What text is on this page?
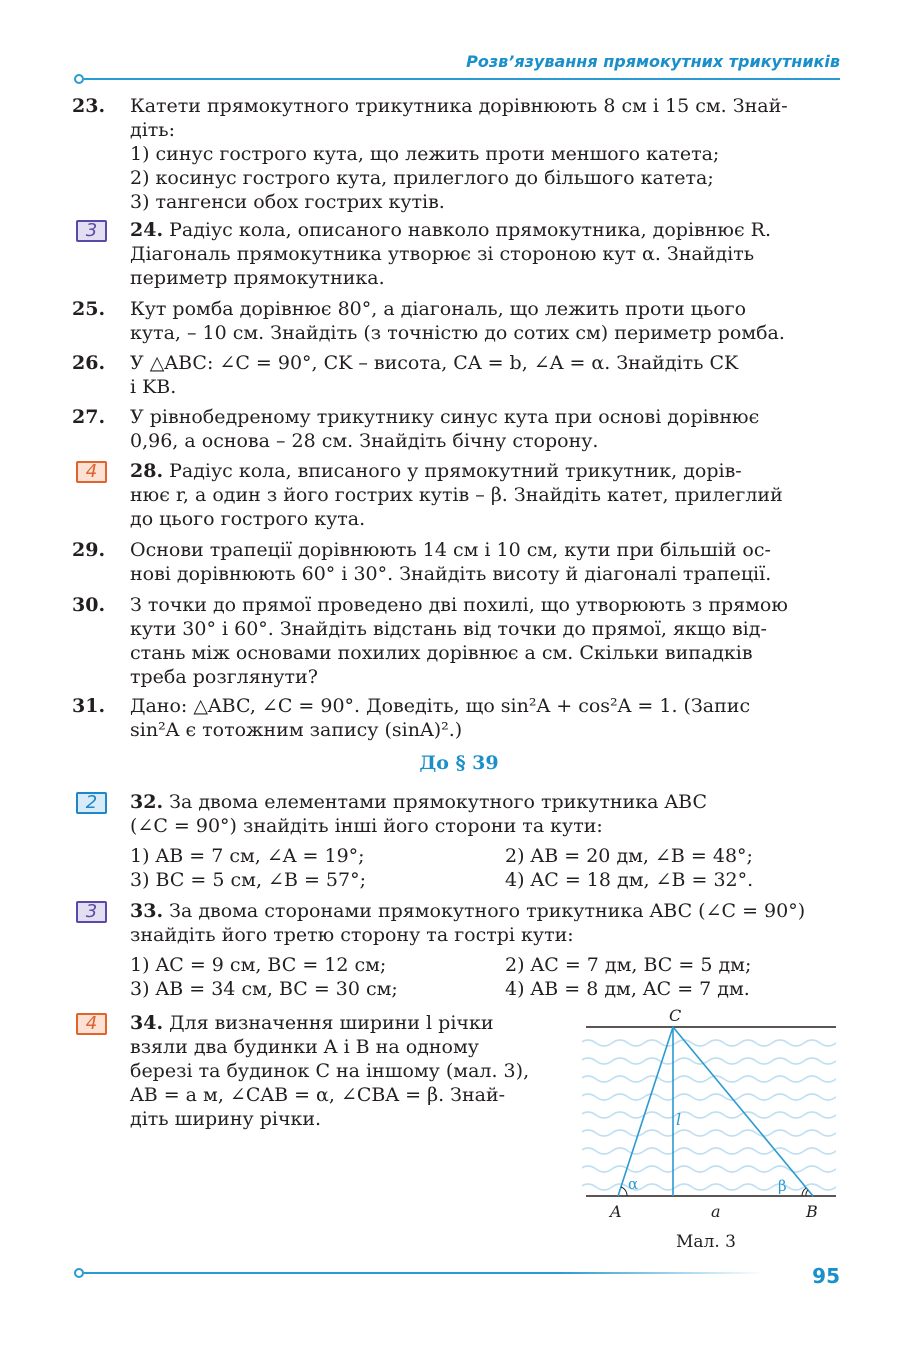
Розв’язування прямокутних трикутників
23. Катети прямокутного трикутника дорівнюють 8 см і 15 см. Знай-
діть:
1) синус гострого кута, що лежить проти меншого катета;
2) косинус гострого кута, прилеглого до більшого катета;
3) тангенси обох гострих кутів.
3	24. Радіус кола, описаного навколо прямокутника, дорівнює R.
Діагональ прямокутника утворює зі стороною кут α. Знайдіть
периметр прямокутника.
25. Кут ромба дорівнює 80°, а діагональ, що лежить проти цього
кута, – 10 см. Знайдіть (з точністю до сотих см) периметр ромба.
26. У △ABC: ∠C = 90°, CK – висота, CA = b, ∠A = α. Знайдіть CK
і KB.
27. У рівнобедреному трикутнику синус кута при основі дорівнює
0,96, а основа – 28 см. Знайдіть бічну сторону.
4	28. Радіус кола, вписаного у прямокутний трикутник, дорів-
нює r, а один з його гострих кутів – β. Знайдіть катет, прилеглий
до цього гострого кута.
29. Основи трапеції дорівнюють 14 см і 10 см, кути при більшій ос-
нові дорівнюють 60° і 30°. Знайдіть висоту й діагоналі трапеції.
30. З точки до прямої проведено дві похилі, що утворюють з прямою
кути 30° і 60°. Знайдіть відстань від точки до прямої, якщо від-
стань між основами похилих дорівнює a см. Скільки випадків
треба розглянути?
31. Дано: △ABC, ∠C = 90°. Доведіть, що sin²A + cos²A = 1. (Запис
sin²A є тотожним запису (sinA)².)
До § 39
2	32. За двома елементами прямокутного трикутника ABC
(∠C = 90°) знайдіть інші його сторони та кути:
1) AB = 7 см, ∠A = 19°;	2) AB = 20 дм, ∠B = 48°;
3) BC = 5 см, ∠B = 57°;	4) AC = 18 дм, ∠B = 32°.
3	33. За двома сторонами прямокутного трикутника ABC (∠C = 90°)
знайдіть його третю сторону та гострі кути:
1) AC = 9 см, BC = 12 см;	2) AC = 7 дм, BC = 5 дм;
3) AB = 34 см, BC = 30 см;	4) AB = 8 дм, AC = 7 дм.
4	34. Для визначення ширини l річки
взяли два будинки A і B на одному
березі та будинок C на іншому (мал. 3),
AB = a м, ∠CAB = α, ∠CBA = β. Знай-
діть ширину річки.
C
A	B
a
l
α	β
Мал. 3
95
